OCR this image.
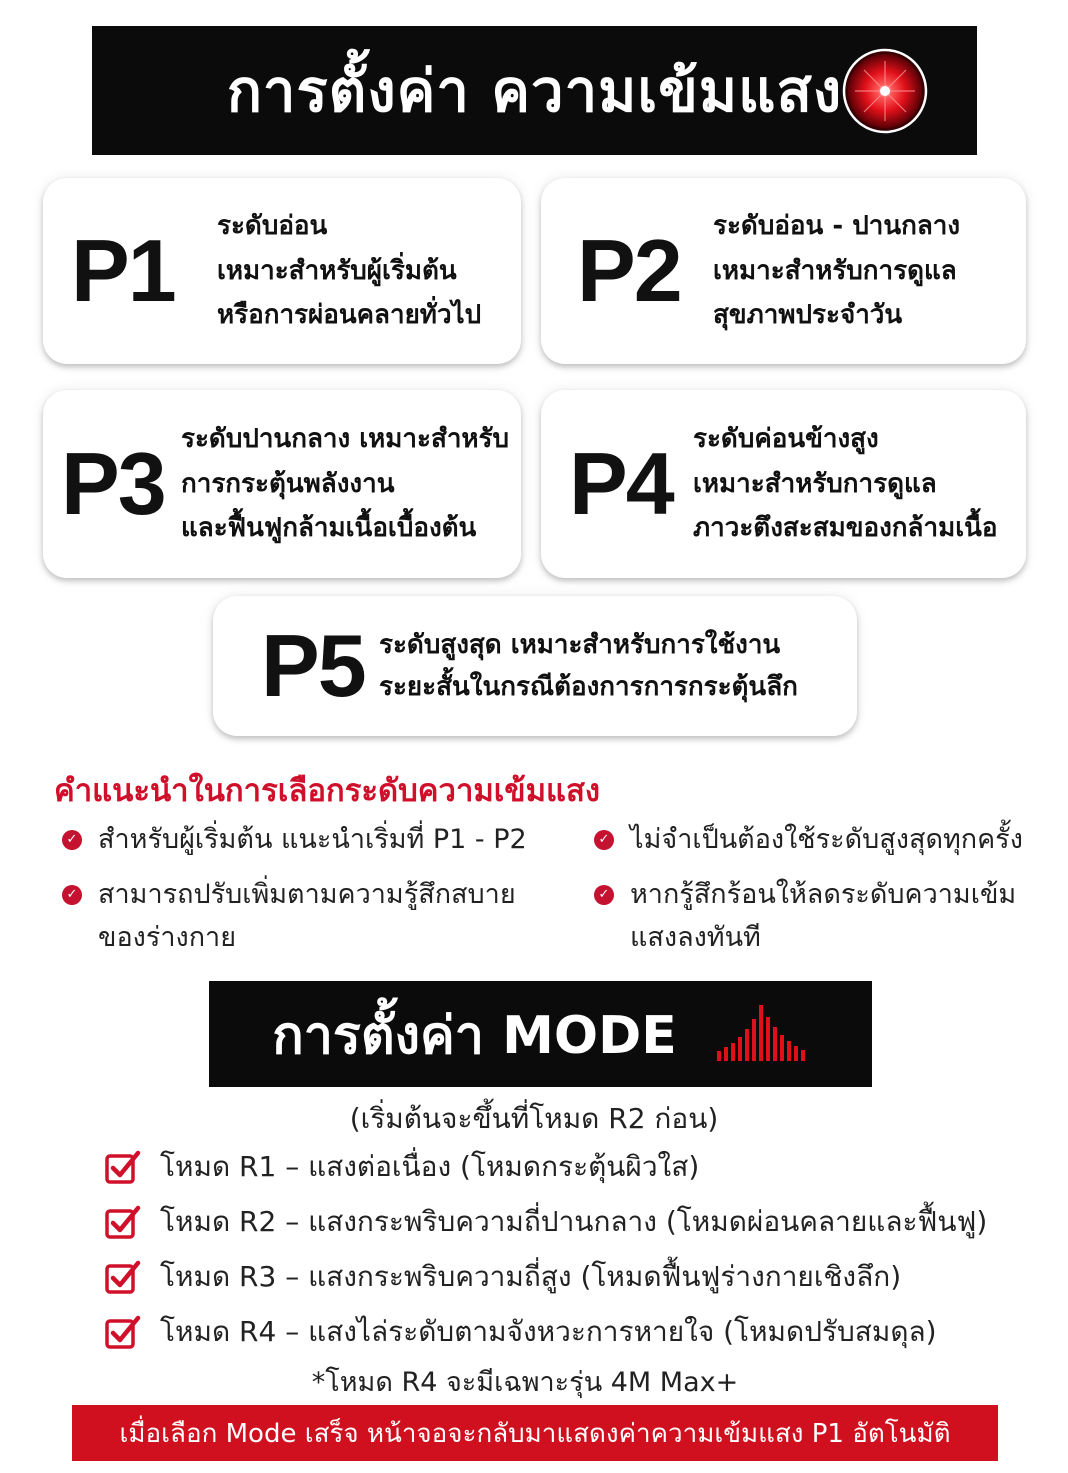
การตั้งค่า ความเข้มแสง
P1	ระดับอ่อน
เหมาะสำหรับผู้เริ่มต้น
หรือการผ่อนคลายทั่วไป P2	ระดับอ่อน - ปานกลาง
เหมาะสำหรับการดูแล
สุขภาพประจำวัน
P3 ระดับปานกลาง เหมาะสำหรับ
การกระตุ้นพลังงาน
และฟื้นฟูกล้ามเนื้อเบื้องต้น	P4 ระดับค่อนข้างสูง
เหมาะสำหรับการดูแล
ภาวะตึงสะสมของกล้ามเนื้อ
P5 ระดับสูงสุด เหมาะสำหรับการใช้งาน
ระยะสั้นในกรณีต้องการการกระตุ้นลึก
คำแนะนำในการเลือกระดับความเข้มแสง
✓ สำหรับผู้เริ่มต้น แนะนำเริ่มที่ P1 - P2	✓ ไม่จำเป็นต้องใช้ระดับสูงสุดทุกครั้ง
✓ สามารถปรับเพิ่มตามความรู้สึกสบายของร่างกาย
✓ หากรู้สึกร้อนให้ลดระดับความเข้มแสงลงทันที
การตั้งค่า MODE
(เริ่มต้นจะขึ้นที่โหมด R2 ก่อน)
โหมด R1 – แสงต่อเนื่อง (โหมดกระตุ้นผิวใส)
โหมด R2 – แสงกระพริบความถี่ปานกลาง (โหมดผ่อนคลายและฟื้นฟู)
โหมด R3 – แสงกระพริบความถี่สูง (โหมดฟื้นฟูร่างกายเชิงลึก)
โหมด R4 – แสงไล่ระดับตามจังหวะการหายใจ (โหมดปรับสมดุล)
*โหมด R4 จะมีเฉพาะรุ่น 4M Max+
เมื่อเลือก Mode เสร็จ หน้าจอจะกลับมาแสดงค่าความเข้มแสง P1 อัตโนมัติ
